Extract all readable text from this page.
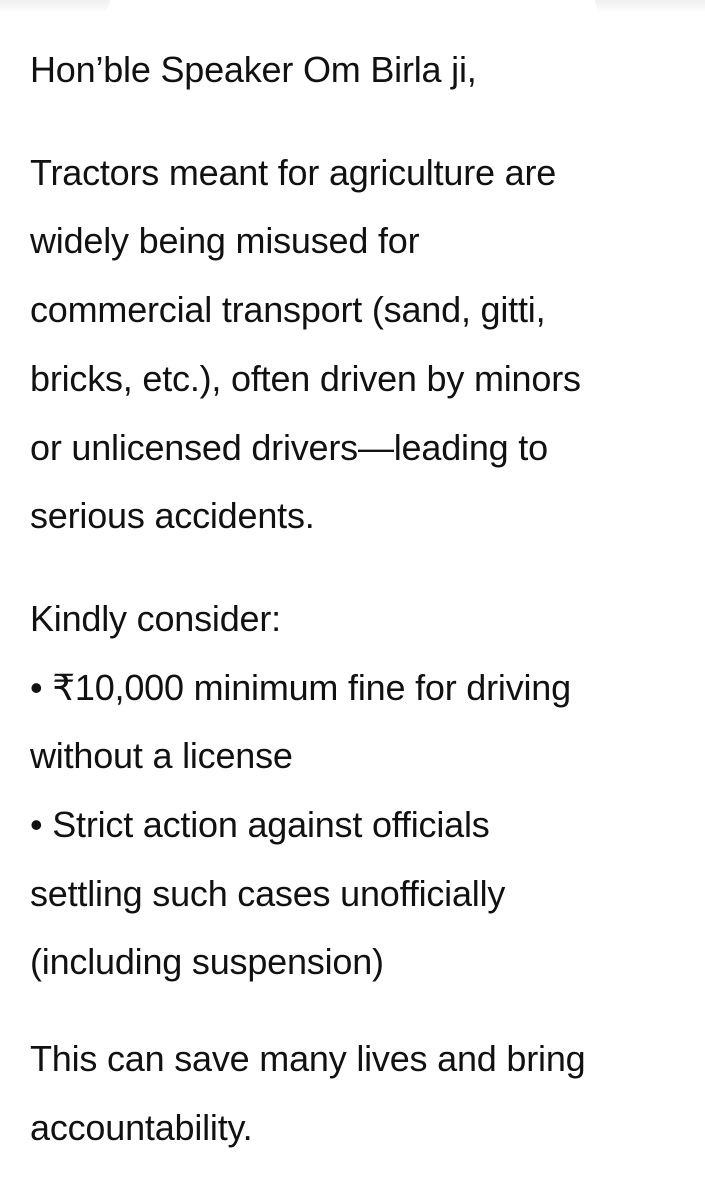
Hon’ble Speaker Om Birla ji,

Tractors meant for agriculture are

widely being misused for

commercial transport (sand, gitti,

bricks, etc.), often driven by minors

or unlicensed drivers—leading to

serious accidents.

Kindly consider:

• ₹10,000 minimum fine for driving

without a license

• Strict action against officials

settling such cases unofficially

(including suspension)

This can save many lives and bring

accountability.
